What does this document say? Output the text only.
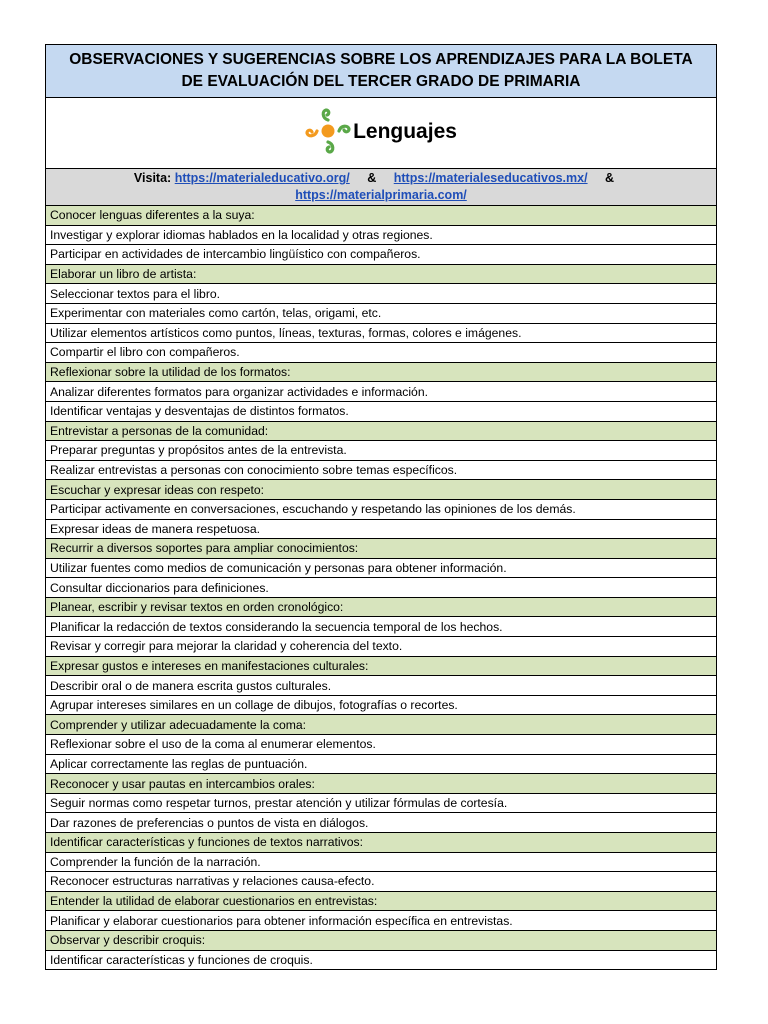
OBSERVACIONES Y SUGERENCIAS SOBRE LOS APRENDIZAJES PARA LA BOLETA
DE EVALUACIÓN DEL TERCER GRADO DE PRIMARIA

Lenguajes

Visita: https://materialeducativo.org/ & https://materialeseducativos.mx/ &
https://materialprimaria.com/

Conocer lenguas diferentes a la suya:
Investigar y explorar idiomas hablados en la localidad y otras regiones.
Participar en actividades de intercambio lingüístico con compañeros.
Elaborar un libro de artista:
Seleccionar textos para el libro.
Experimentar con materiales como cartón, telas, origami, etc.
Utilizar elementos artísticos como puntos, líneas, texturas, formas, colores e imágenes.
Compartir el libro con compañeros.
Reflexionar sobre la utilidad de los formatos:
Analizar diferentes formatos para organizar actividades e información.
Identificar ventajas y desventajas de distintos formatos.
Entrevistar a personas de la comunidad:
Preparar preguntas y propósitos antes de la entrevista.
Realizar entrevistas a personas con conocimiento sobre temas específicos.
Escuchar y expresar ideas con respeto:
Participar activamente en conversaciones, escuchando y respetando las opiniones de los demás.
Expresar ideas de manera respetuosa.
Recurrir a diversos soportes para ampliar conocimientos:
Utilizar fuentes como medios de comunicación y personas para obtener información.
Consultar diccionarios para definiciones.
Planear, escribir y revisar textos en orden cronológico:
Planificar la redacción de textos considerando la secuencia temporal de los hechos.
Revisar y corregir para mejorar la claridad y coherencia del texto.
Expresar gustos e intereses en manifestaciones culturales:
Describir oral o de manera escrita gustos culturales.
Agrupar intereses similares en un collage de dibujos, fotografías o recortes.
Comprender y utilizar adecuadamente la coma:
Reflexionar sobre el uso de la coma al enumerar elementos.
Aplicar correctamente las reglas de puntuación.
Reconocer y usar pautas en intercambios orales:
Seguir normas como respetar turnos, prestar atención y utilizar fórmulas de cortesía.
Dar razones de preferencias o puntos de vista en diálogos.
Identificar características y funciones de textos narrativos:
Comprender la función de la narración.
Reconocer estructuras narrativas y relaciones causa-efecto.
Entender la utilidad de elaborar cuestionarios en entrevistas:
Planificar y elaborar cuestionarios para obtener información específica en entrevistas.
Observar y describir croquis:
Identificar características y funciones de croquis.
